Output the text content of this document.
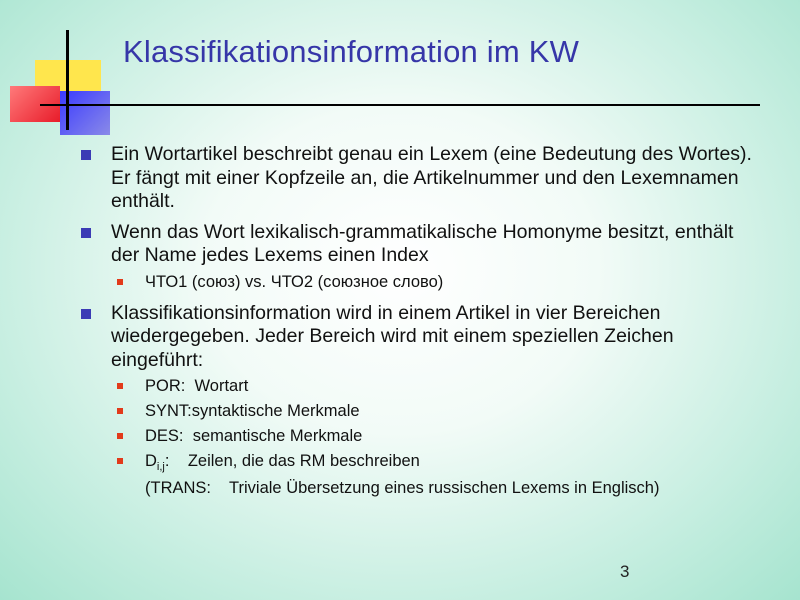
Klassifikationsinformation im KW

Ein Wortartikel beschreibt genau ein Lexem (eine Bedeutung des Wortes). Er fängt mit einer Kopfzeile an, die Artikelnummer und den Lexemnamen enthält.

Wenn das Wort lexikalisch-grammatikalische Homonyme besitzt, enthält der Name jedes Lexems einen Index

ЧТО1 (союз) vs. ЧТО2 (союзное слово)

Klassifikationsinformation wird in einem Artikel in vier Bereichen wiedergegeben. Jeder Bereich wird mit einem speziellen Zeichen eingeführt:

POR: Wortart

SYNT:syntaktische Merkmale

DES: semantische Merkmale

$D_{i,j}$: Zeilen, die das RM beschreiben

(TRANS: Triviale Übersetzung eines russischen Lexems in Englisch)

3
